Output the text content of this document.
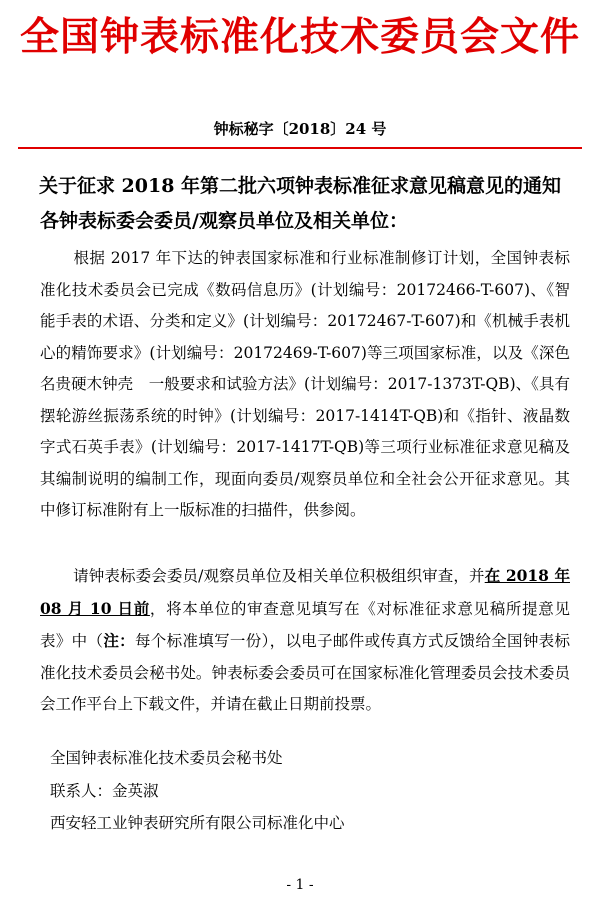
全国钟表标准化技术委员会文件
钟标秘字〔2018〕24 号
关于征求 2018 年第二批六项钟表标准征求意见稿意见的通知
各钟表标委会委员/观察员单位及相关单位：
根据 2017 年下达的钟表国家标准和行业标准制修订计划，全国钟表标准化技术委员会已完成《数码信息历》(计划编号：20172466-T-607)、《智能手表的术语、分类和定义》(计划编号：20172467-T-607)和《机械手表机心的精饰要求》(计划编号：20172469-T-607)等三项国家标准，以及《深色名贵硬木钟壳　一般要求和试验方法》(计划编号：2017-1373T-QB)、《具有摆轮游丝振荡系统的时钟》(计划编号：2017-1414T-QB)和《指针、液晶数字式石英手表》(计划编号：2017-1417T-QB)等三项行业标准征求意见稿及其编制说明的编制工作，现面向委员/观察员单位和全社会公开征求意见。其中修订标准附有上一版标准的扫描件，供参阅。
请钟表标委会委员/观察员单位及相关单位积极组织审查，并在 2018 年 08 月 10 日前，将本单位的审查意见填写在《对标准征求意见稿所提意见表》中（注：每个标准填写一份），以电子邮件或传真方式反馈给全国钟表标准化技术委员会秘书处。钟表标委会委员可在国家标准化管理委员会技术委员会工作平台上下载文件，并请在截止日期前投票。
全国钟表标准化技术委员会秘书处
联系人：金英淑
西安轻工业钟表研究所有限公司标准化中心
- 1 -
